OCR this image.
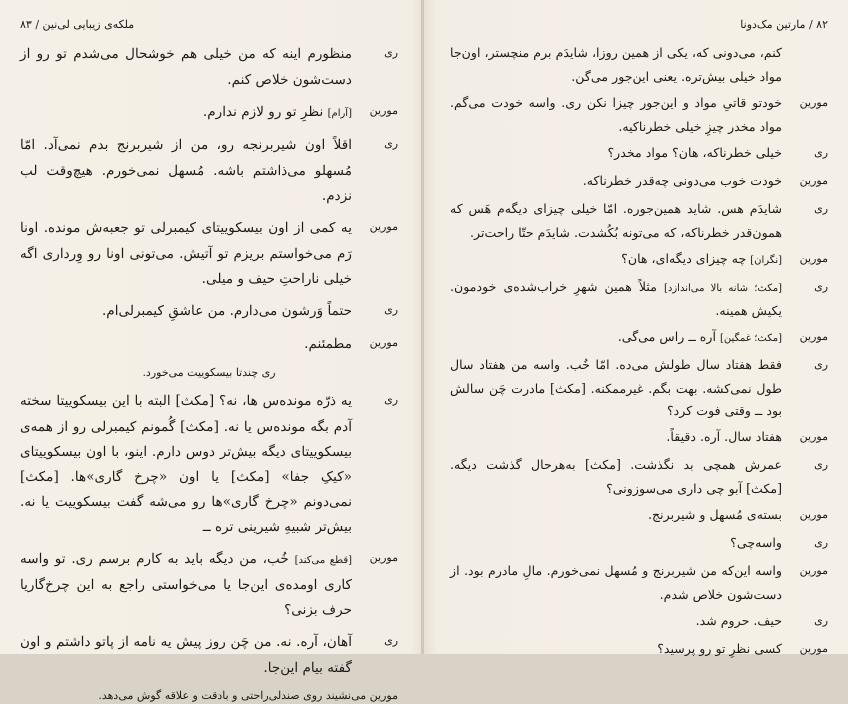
ملکه‌ی زیبایی لی‌نین / ۸۳
ری
منظورم اینه که من خیلی هم خوشحال می‌شدم تو رو از دست‌شون خلاص کنم.
مورین
[آرام] نظرِ تو رو لازم ندارم.
ری
اقلاً اون شیربرنجه رو، من از شیربرنج بدم نمی‌آد. امّا مُسهلو می‌ذاشتم باشه. مُسهل نمی‌خورم. هیچ‌وقت لب نزدم.
مورین
یه کمی از اون بیسکوییتای کیمبرلی تو جعبه‌ش مونده. اونا رَم می‌خواستم بریزم تو آتیش. می‌تونی اونا رو وِرداری اگه خیلی ناراحتِ حیف و میلی.
ری
حتماً وَرشون می‌دارم. من عاشقِ کیمبرلی‌ام.
مورین
مطمئنم.
ری چندتا بیسکوییت می‌خورد.
ری
یه ذرّه مونده‌س ها، نه؟ [مکث] البته با این بیسکوییتا سخته آدم بگه مونده‌س یا نه. [مکث] گُمونم کیمبرلی رو از همه‌ی بیسکوییتای دیگه بیش‌تر دوس دارم. اینو، با اون بیسکوییتای «کیکِ جفا» [مکث] یا اون «چرخ گاری»ها. [مکث] نمی‌دونم «چرخ گاری»ها رو می‌شه گفت بیسکوییت یا نه. بیش‌تر شبیهِ شیرینی تره ــ
مورین
[قطع می‌کند] خُب، من دیگه باید به کارم برسم ری. تو واسه کاری اومده‌ی این‌جا یا می‌خواستی راجع به این چرخ‌گاریا حرف بزنی؟
ری
آهان، آره. نه. من چَن روز پیش یه نامه از پاتو داشتم و اون گفته بیام این‌جا.
مورین می‌نشیند روی صندلی‌راحتی و با‌دقت و علاقه گوش می‌دهد.
۸۲ / مارتین مک‌دونا
کنم، می‌دونی که، یکی از همین روزا، شایدَم برم منچستر، اون‌جا مواد خیلی بیش‌تره. یعنی این‌جور می‌گن.
مورین
خودتو قاتیِ مواد و این‌جور چیزا نکن ری. واسه خودت می‌گم. مواد مخدر چیزِ خیلی خطرناکیه.
ری
خیلی خطرناکه، هان؟ مواد مخدر؟
مورین
خودت خوب می‌دونی چه‌قدر خطرناکه.
ری
شایدَم هس. شاید همین‌جوره. امّا خیلی چیزای دیگه‌م هَس که همون‌قدر خطرناکه، که می‌تونه بُکُشدت. شایدَم حتّا راحت‌تر.
مورین
[نگران] چه چیزای دیگه‌ای، هان؟
ری
[مکث؛ شانه بالا می‌اندازد] مثلاً همین شهرِ خراب‌شده‌ی خودمون. یکیش همینه.
مورین
[مکث؛ غمگین] آره ــ راس می‌گی.
ری
فقط هفتاد سال طولش می‌ده. امّا خُب. واسه من هفتاد سال طول نمی‌کشه. بهت بگم. غیرممکنه. [مکث] مادرت چَن سالش بود ــ وقتی فوت کرد؟
مورین
هفتاد سال. آره. دقیقاً.
ری
عمرش همچی بد نگذشت. [مکث] به‌هرحال گذشت دیگه. [مکث] آبو چی داری می‌سوزونی؟
مورین
بسته‌ی مُسهل و شیربرنج.
ری
واسه‌چی؟
مورین
واسه این‌که من شیربرنج و مُسهل نمی‌خورم. مالِ مادرم بود. از دست‌شون خلاص شدم.
ری
حیف. حروم شد.
مورین
کسی نظرِ تو رو پرسید؟
